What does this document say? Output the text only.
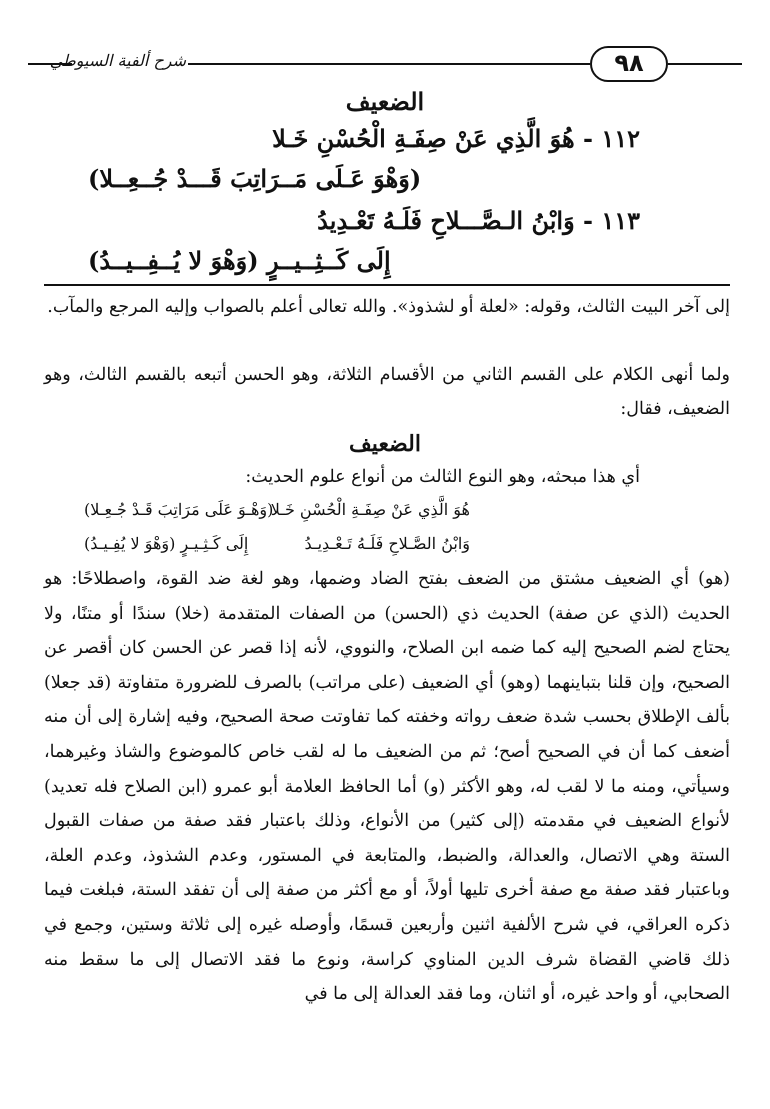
٩٨
شرح ألفية السيوطي
الضعيف
١١٢ - هُوَ الَّذِي عَنْ صِفَـةِ الْحُسْنِ خَـلا
(وَهْوَ عَـلَى مَــرَاتِبَ قَـــدْ جُــعِــلا)
١١٣ - وَابْنُ الـصَّـــلاحِ فَلَـهُ تَعْـدِيدُ
إِلَى كَــثِــيــرٍ (وَهْوَ لا يُــفِــيــدُ)
إلى آخر البيت الثالث، وقوله: «لعلة أو لشذوذ». والله تعالى أعلم بالصواب وإليه المرجع والمآب.
ولما أنهى الكلام على القسم الثاني من الأقسام الثلاثة، وهو الحسن أتبعه بالقسم الثالث، وهو الضعيف، فقال:
الضعيف
أي هذا مبحثه، وهو النوع الثالث من أنواع علوم الحديث:
هُوَ الَّذِي عَنْ صِفَـةِ الْحُسْنِ خَـلا
(وَهْـوَ عَلَى مَرَاتِبَ قَـدْ جُـعِـلا)
وَابْنُ الصَّـلاحِ فَلَـهُ تَـعْـدِيـدُ
إِلَى كَـثِـيـرٍ (وَهْوَ لا يُفِـيـدُ)
(هو) أي الضعيف مشتق من الضعف بفتح الضاد وضمها، وهو لغة ضد القوة، واصطلاحًا: هو الحديث (الذي عن صفة) الحديث ذي (الحسن) من الصفات المتقدمة (خلا) سندًا أو متنًا، ولا يحتاج لضم الصحيح إليه كما ضمه ابن الصلاح، والنووي، لأنه إذا قصر عن الحسن كان أقصر عن الصحيح، وإن قلنا بتباينهما (وهو) أي الضعيف (على مراتب) بالصرف للضرورة متفاوتة (قد جعلا) بألف الإطلاق بحسب شدة ضعف رواته وخفته كما تفاوتت صحة الصحيح، وفيه إشارة إلى أن منه أضعف كما أن في الصحيح أصح؛ ثم من الضعيف ما له لقب خاص كالموضوع والشاذ وغيرهما، وسيأتي، ومنه ما لا لقب له، وهو الأكثر (و) أما الحافظ العلامة أبو عمرو (ابن الصلاح فله تعديد) لأنواع الضعيف في مقدمته (إلى كثير) من الأنواع، وذلك باعتبار فقد صفة من صفات القبول الستة وهي الاتصال، والعدالة، والضبط، والمتابعة في المستور، وعدم الشذوذ، وعدم العلة، وباعتبار فقد صفة مع صفة أخرى تليها أولاً، أو مع أكثر من صفة إلى أن تفقد الستة، فبلغت فيما ذكره العراقي، في شرح الألفية اثنين وأربعين قسمًا، وأوصله غيره إلى ثلاثة وستين، وجمع في ذلك قاضي القضاة شرف الدين المناوي كراسة، ونوع ما فقد الاتصال إلى ما سقط منه الصحابي، أو واحد غيره، أو اثنان، وما فقد العدالة إلى ما في
